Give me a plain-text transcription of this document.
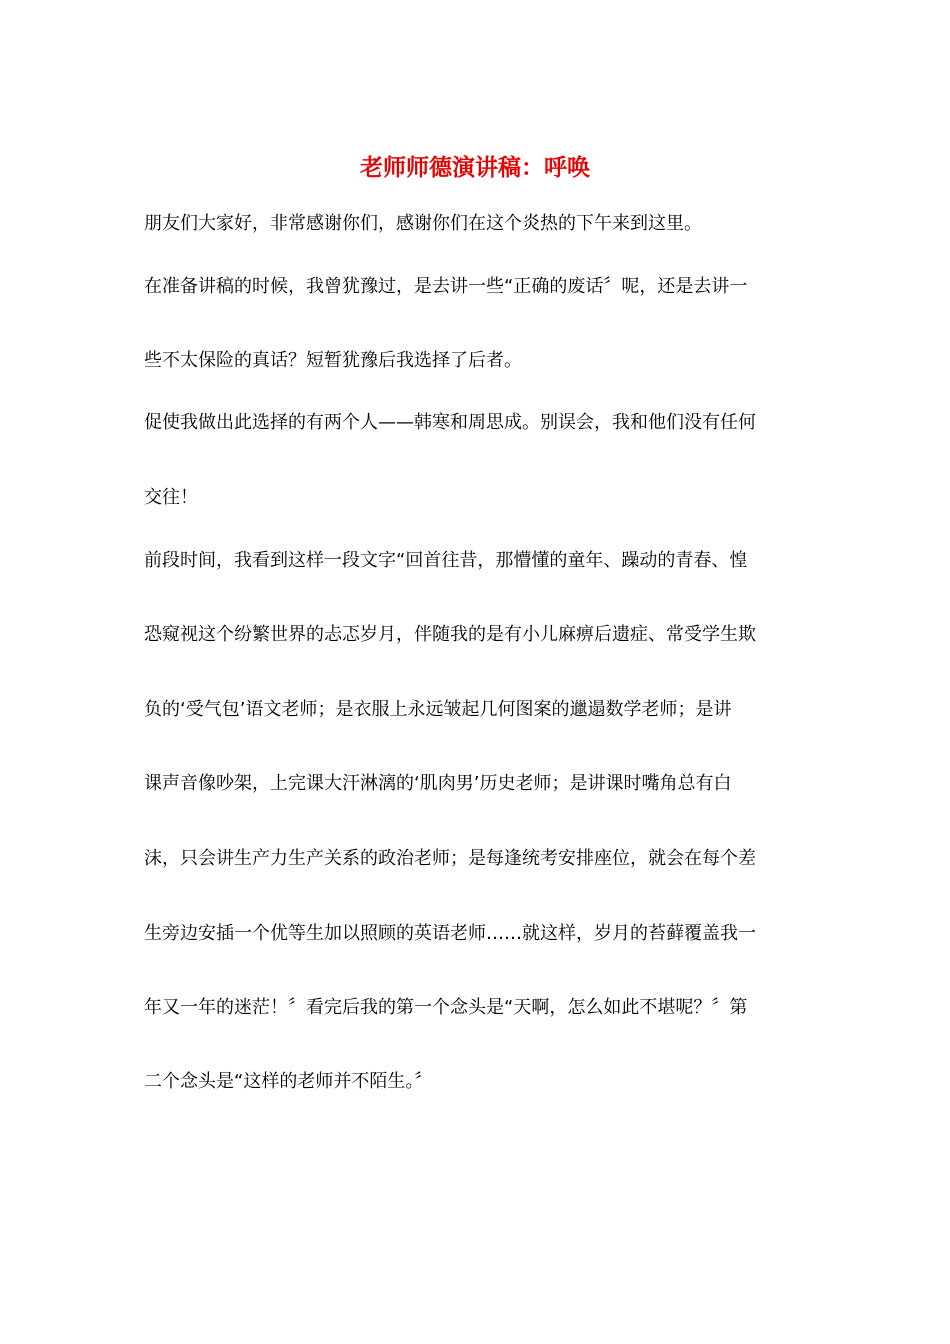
老师师德演讲稿：呼唤
朋友们大家好，非常感谢你们，感谢你们在这个炎热的下午来到这里。
在准备讲稿的时候，我曾犹豫过，是去讲一些“正确的废话〞呢，还是去讲一
些不太保险的真话？短暂犹豫后我选择了后者。
促使我做出此选择的有两个人——韩寒和周思成。别误会，我和他们没有任何
交往！
前段时间，我看到这样一段文字“回首往昔，那懵懂的童年、躁动的青春、惶
恐窥视这个纷繁世界的忐忑岁月，伴随我的是有小儿麻痹后遗症、常受学生欺
负的‘受气包’语文老师；是衣服上永远皱起几何图案的邋遢数学老师；是讲
课声音像吵架，上完课大汗淋漓的‘肌肉男’历史老师；是讲课时嘴角总有白
沫，只会讲生产力生产关系的政治老师；是每逢统考安排座位，就会在每个差
生旁边安插一个优等生加以照顾的英语老师……就这样，岁月的苔藓覆盖我一
年又一年的迷茫！〞看完后我的第一个念头是“天啊，怎么如此不堪呢？〞第
二个念头是“这样的老师并不陌生。〞
